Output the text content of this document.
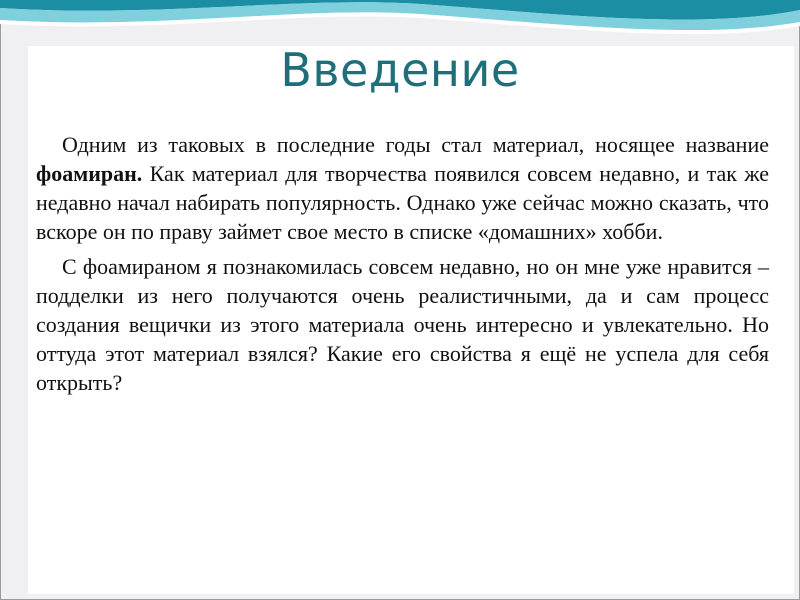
Введение

Одним из таковых в последние годы стал материал, носящее название фоамиран. Как материал для творчества появился совсем недавно, и так же недавно начал набирать популярность. Однако уже сейчас можно сказать, что вскоре он по праву займет свое место в списке «домашних» хобби.

С фоамираном я познакомилась совсем недавно, но он мне уже нравится – подделки из него получаются очень реалистичными, да и сам процесс создания вещички из этого материала очень интересно и увлекательно. Но оттуда этот материал взялся? Какие его свойства я ещё не успела для себя открыть?
